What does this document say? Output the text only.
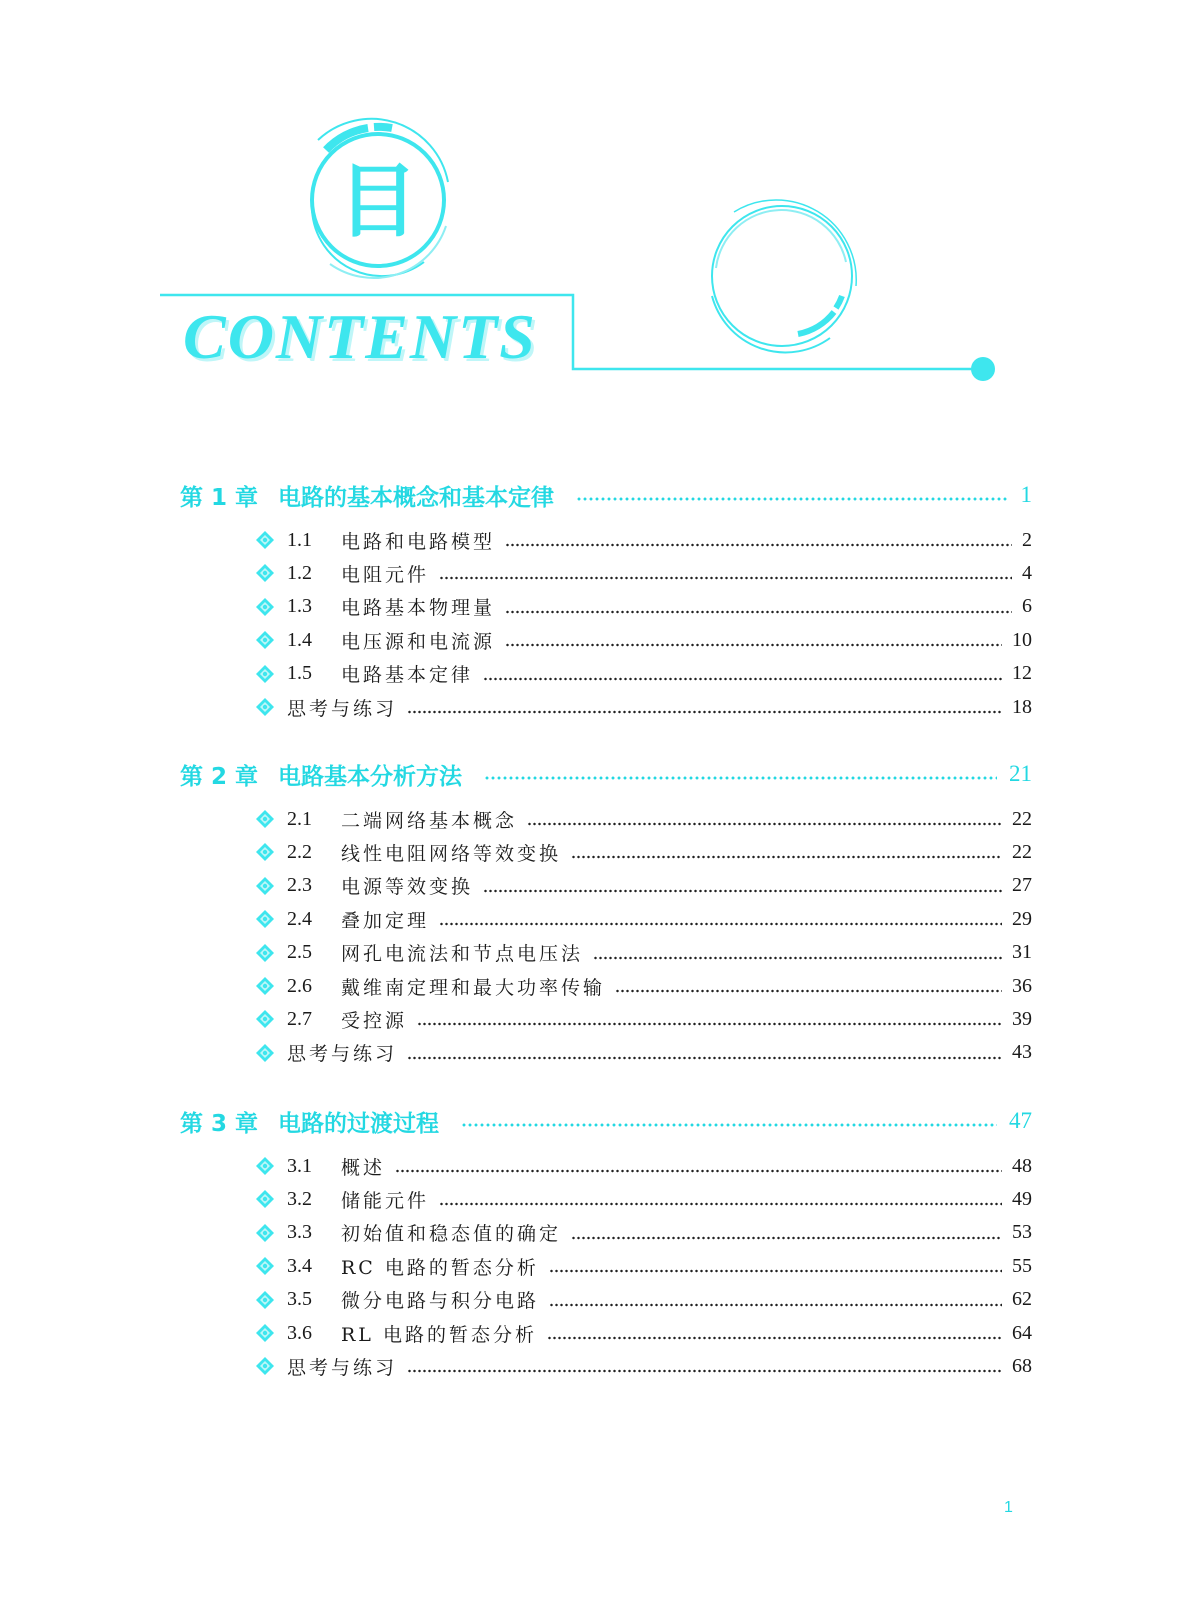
目
CONTENTS
第 1 章 电路的基本概念和基本定律	1
1.1	电路和电路模型	2
1.2	电阻元件	4
1.3	电路基本物理量	6
1.4	电压源和电流源	10
1.5	电路基本定律	12
思考与练习	18
第 2 章 电路基本分析方法	21
2.1	二端网络基本概念	22
2.2	线性电阻网络等效变换	22
2.3	电源等效变换	27
2.4	叠加定理	29
2.5	网孔电流法和节点电压法	31
2.6	戴维南定理和最大功率传输	36
2.7	受控源	39
思考与练习	43
第 3 章 电路的过渡过程	47
3.1	概述	48
3.2	储能元件	49
3.3	初始值和稳态值的确定	53
3.4	RC 电路的暂态分析	55
3.5	微分电路与积分电路	62
3.6	RL 电路的暂态分析	64
思考与练习	68
1
